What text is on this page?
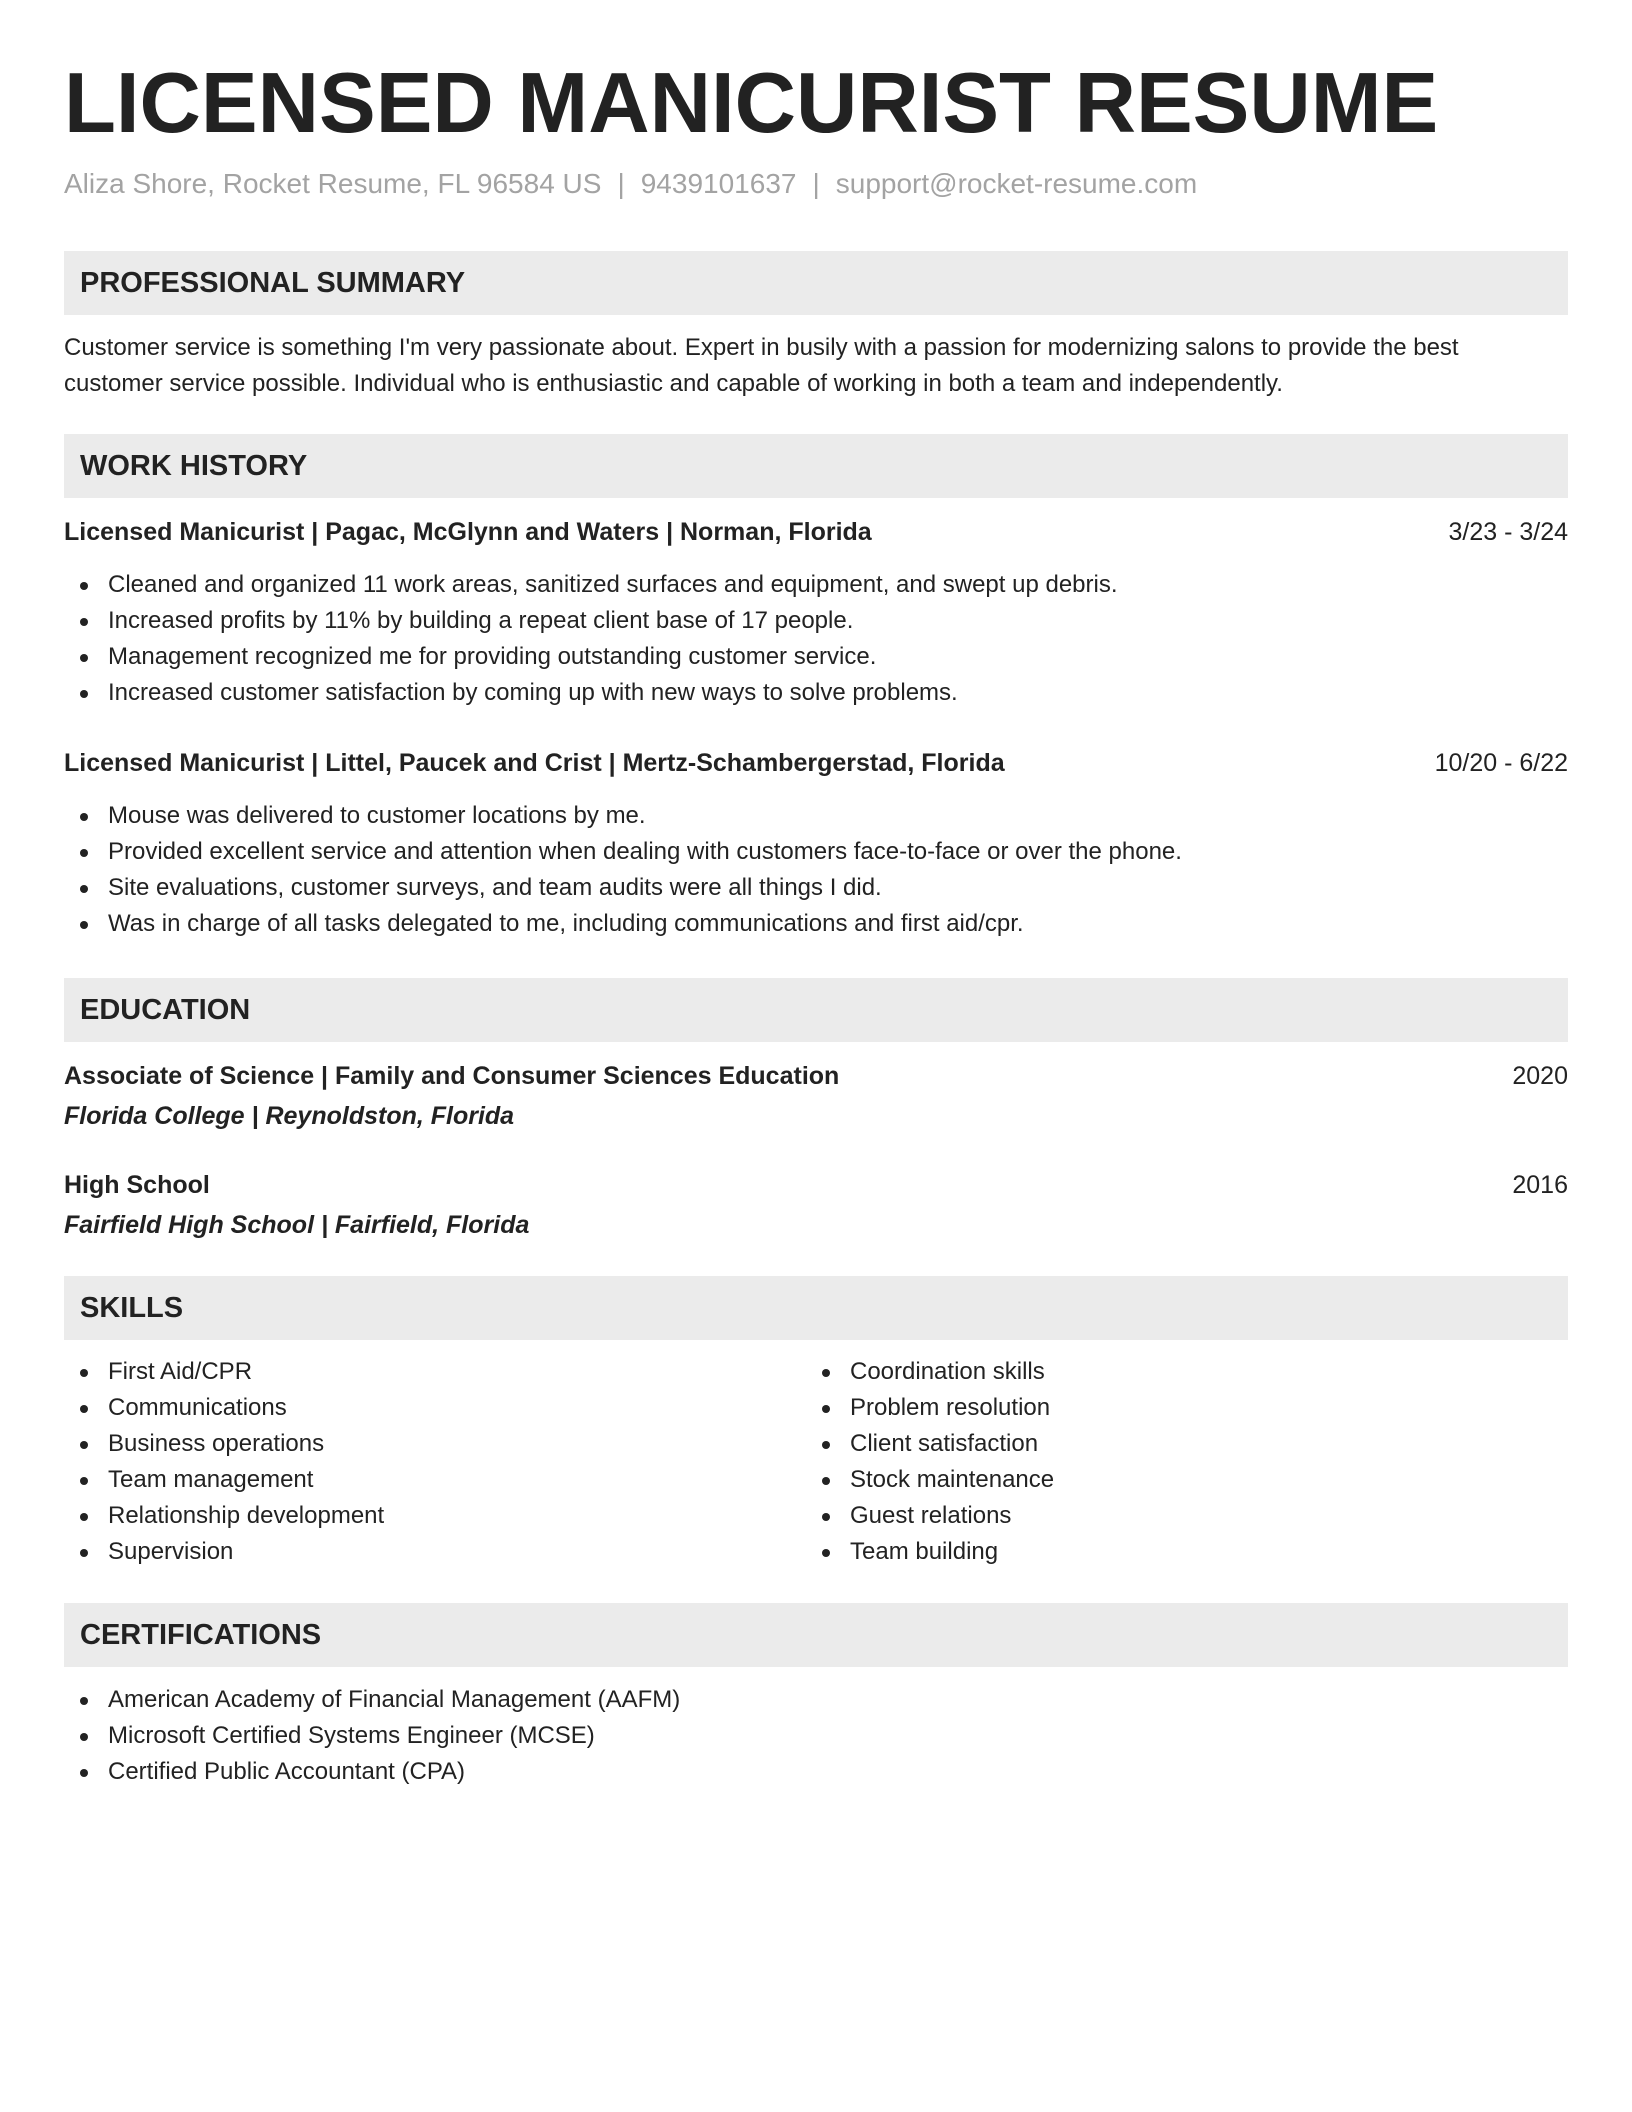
LICENSED MANICURIST RESUME
Aliza Shore, Rocket Resume, FL 96584 US | 9439101637 | support@rocket-resume.com
PROFESSIONAL SUMMARY
Customer service is something I'm very passionate about. Expert in busily with a passion for modernizing salons to provide the best
customer service possible. Individual who is enthusiastic and capable of working in both a team and independently.
WORK HISTORY
Licensed Manicurist | Pagac, McGlynn and Waters | Norman, Florida	3/23 - 3/24
Cleaned and organized 11 work areas, sanitized surfaces and equipment, and swept up debris.
Increased profits by 11% by building a repeat client base of 17 people.
Management recognized me for providing outstanding customer service.
Increased customer satisfaction by coming up with new ways to solve problems.
Licensed Manicurist | Littel, Paucek and Crist | Mertz-Schambergerstad, Florida	10/20 - 6/22
Mouse was delivered to customer locations by me.
Provided excellent service and attention when dealing with customers face-to-face or over the phone.
Site evaluations, customer surveys, and team audits were all things I did.
Was in charge of all tasks delegated to me, including communications and first aid/cpr.
EDUCATION
Associate of Science | Family and Consumer Sciences Education	2020
Florida College | Reynoldston, Florida
High School	2016
Fairfield High School | Fairfield, Florida
SKILLS
First Aid/CPR
Communications
Business operations
Team management
Relationship development
Supervision
Coordination skills
Problem resolution
Client satisfaction
Stock maintenance
Guest relations
Team building
CERTIFICATIONS
American Academy of Financial Management (AAFM)
Microsoft Certified Systems Engineer (MCSE)
Certified Public Accountant (CPA)
